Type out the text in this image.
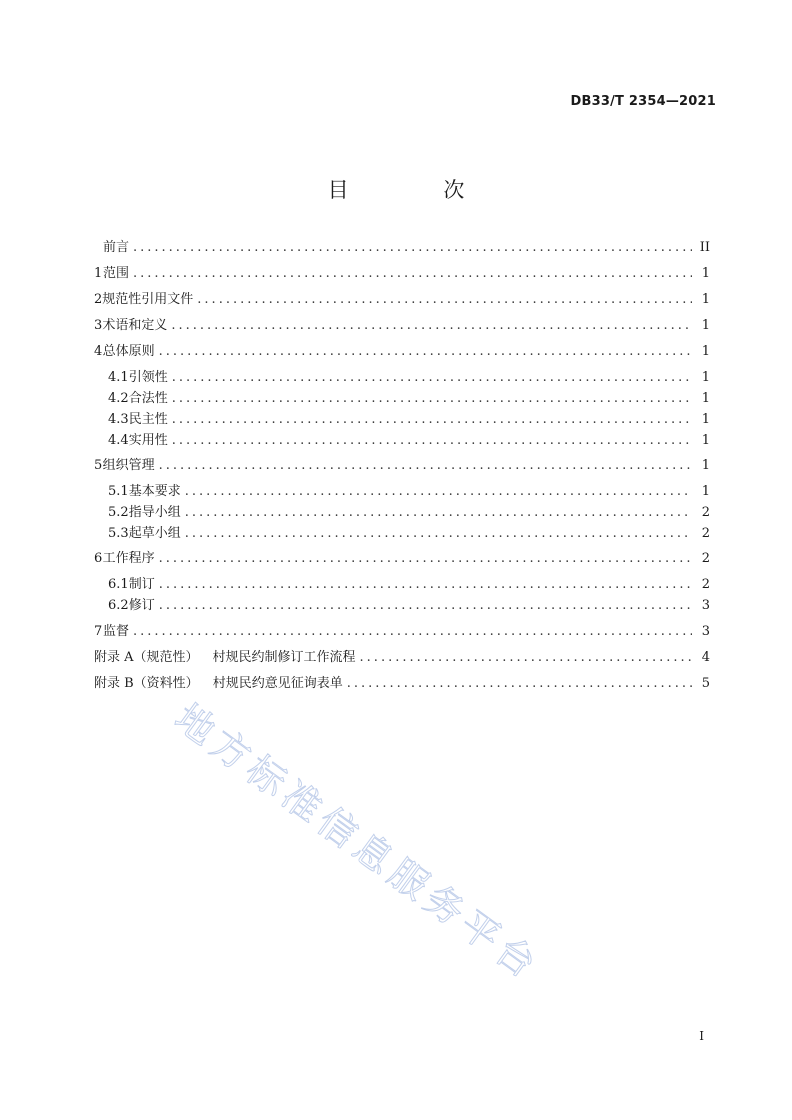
DB33/T 2354—2021
目 次
前言 .....	II
1 范围 .....	1
2 规范性引用文件 .....	1
3 术语和定义 .....	1
4 总体原则 .....	1
4.1 引领性 .....	1
4.2 合法性 .....	1
4.3 民主性 .....	1
4.4 实用性 .....	1
5 组织管理 .....	1
5.1 基本要求 .....	1
5.2 指导小组 .....	2
5.3 起草小组 .....	2
6 工作程序 .....	2
6.1 制订 .....	2
6.2 修订 .....	3
7 监督 .....	3
附录 A（规范性） 村规民约制修订工作流程 .....	4
附录 B（资料性） 村规民约意见征询表单 .....	5
I
地方标准信息服务平台
